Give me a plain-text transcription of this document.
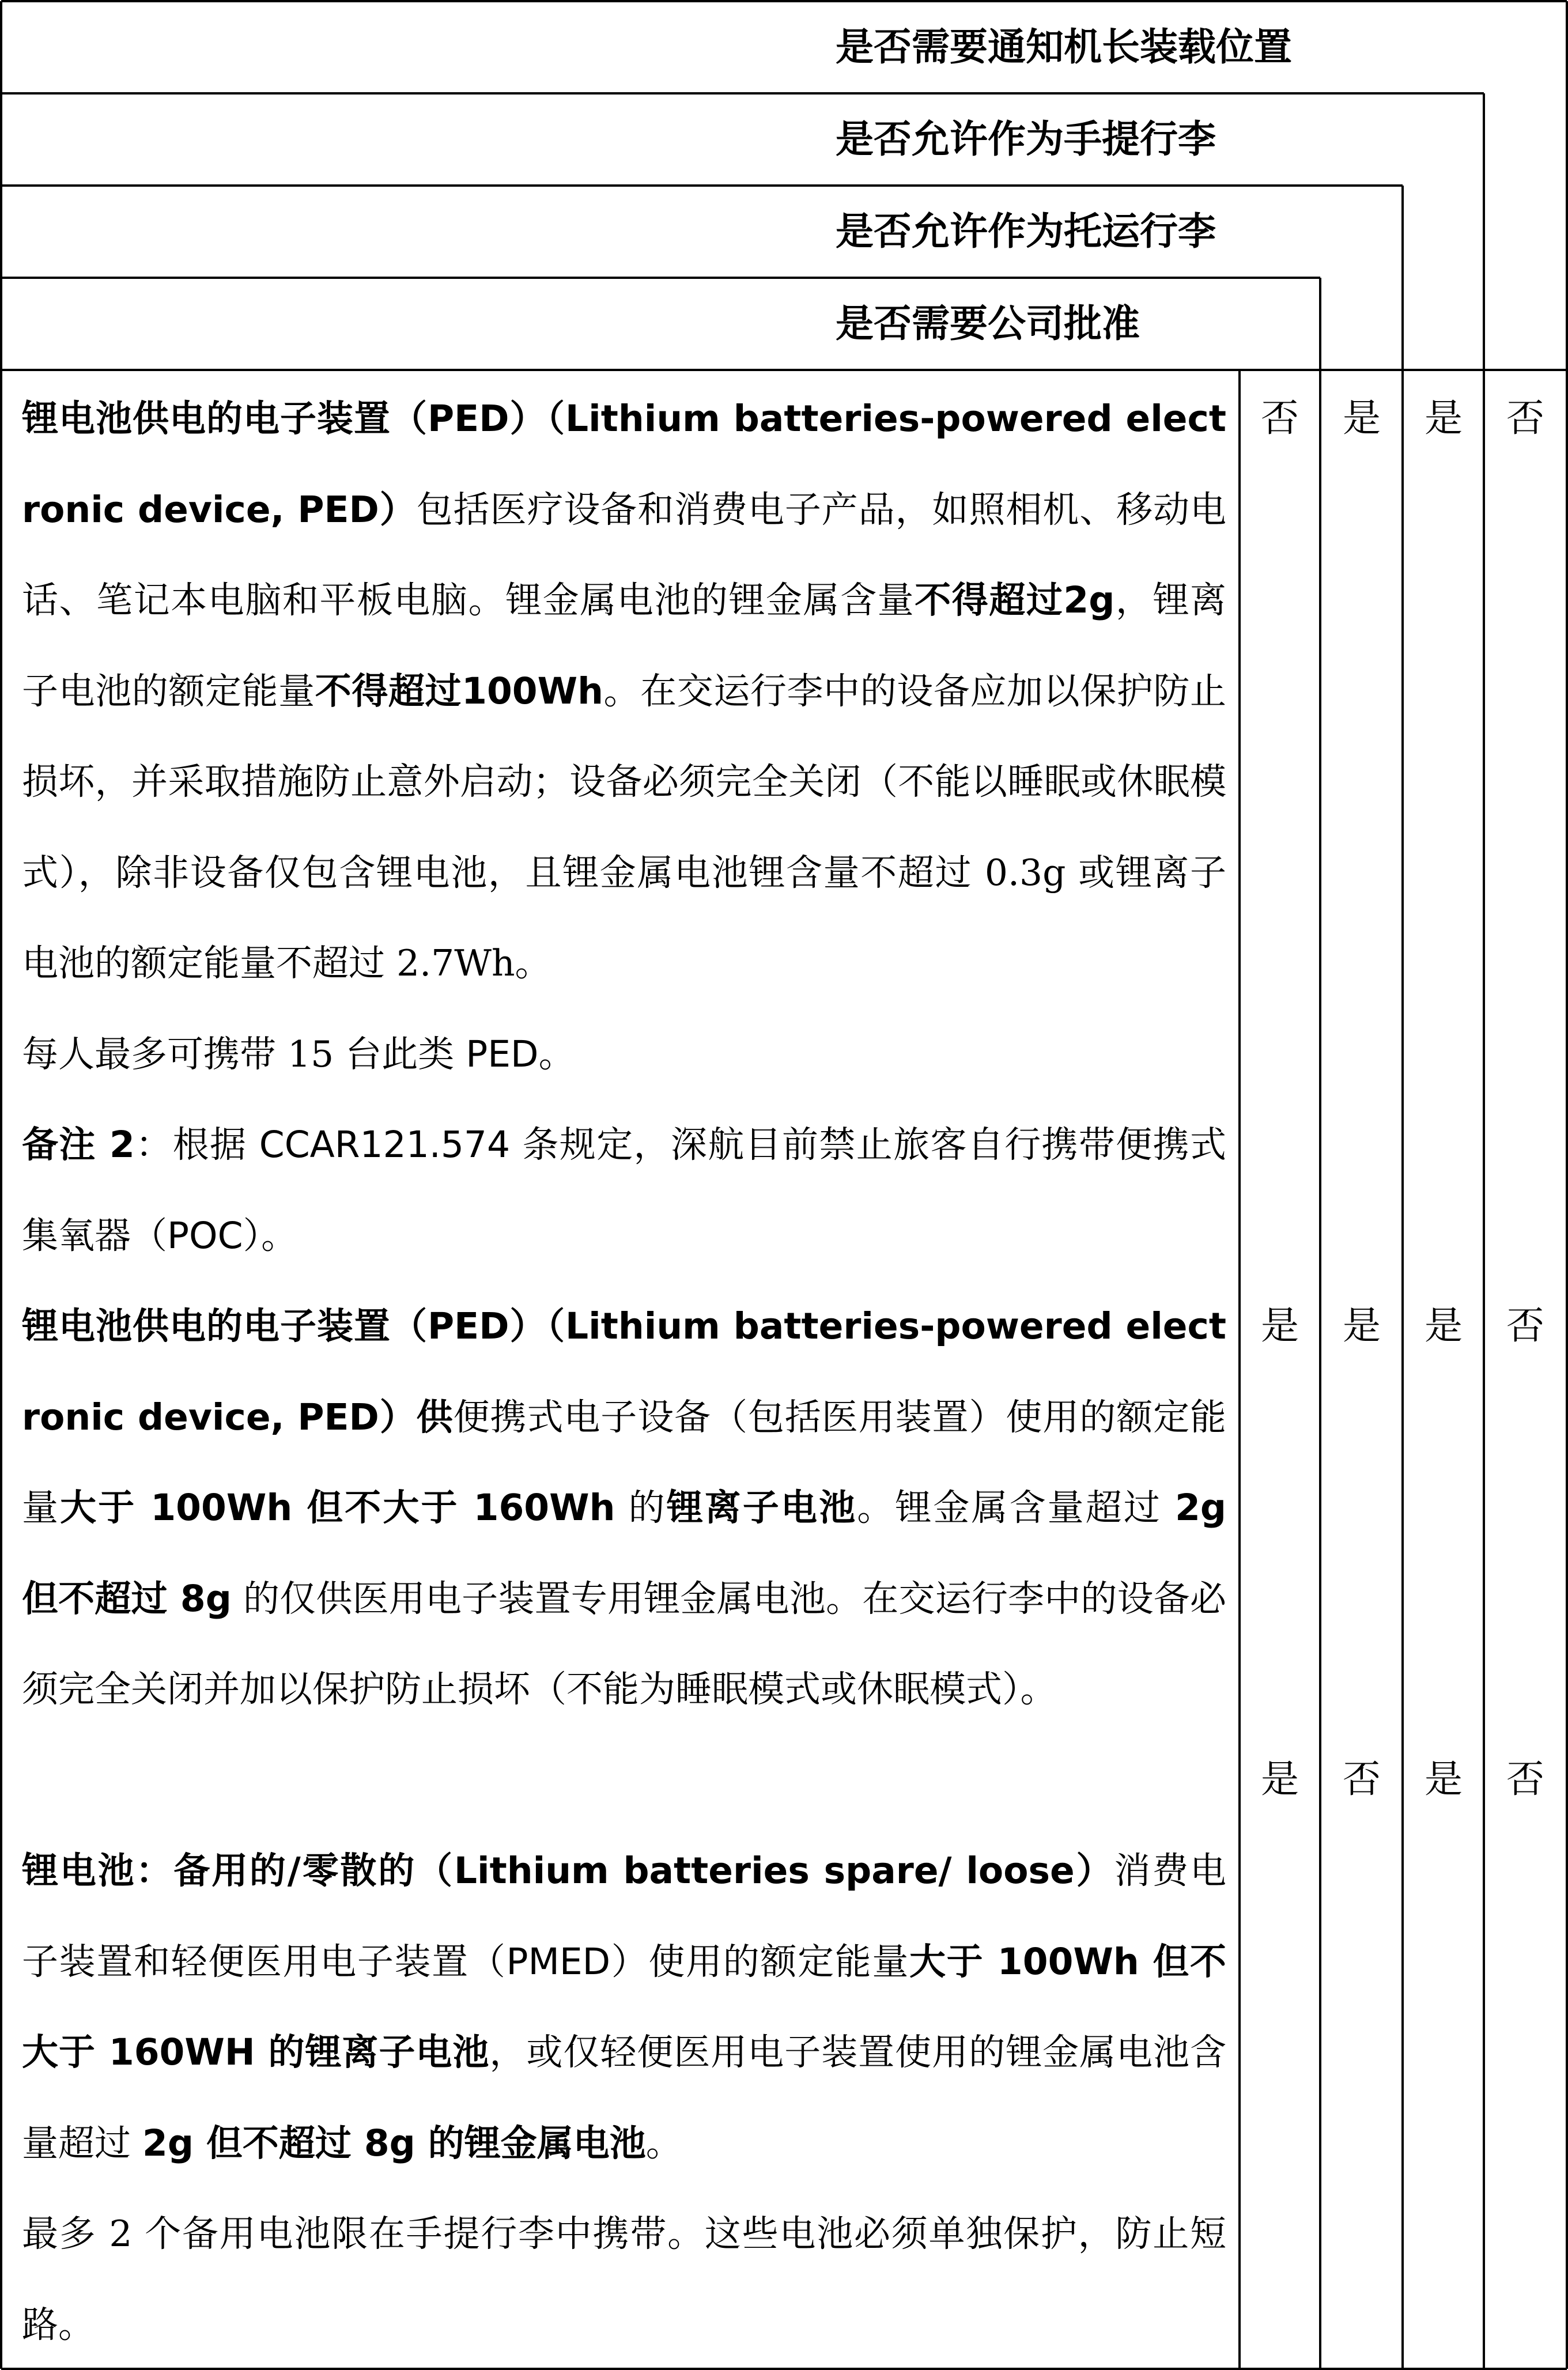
是否需要通知机长装载位置
是否允许作为手提行李
是否允许作为托运行李
是否需要公司批准

锂电池供电的电子装置（PED）（Lithium batteries-powered electronic device, PED）包括医疗设备和消费电子产品，如照相机、移动电话、笔记本电脑和平板电脑。锂金属电池的锂金属含量不得超过2g，锂离子电池的额定能量不得超过100Wh。在交运行李中的设备应加以保护防止损坏，并采取措施防止意外启动；设备必须完全关闭（不能以睡眠或休眠模式），除非设备仅包含锂电池，且锂金属电池锂含量不超过 0.3g 或锂离子电池的额定能量不超过 2.7Wh。

每人最多可携带 15 台此类 PED。

备注 2：根据 CCAR121.574 条规定，深航目前禁止旅客自行携带便携式集氧器（POC）。

锂电池供电的电子装置（PED）（Lithium batteries-powered electronic device, PED）供便携式电子设备（包括医用装置）使用的额定能量大于 100Wh 但不大于 160Wh 的锂离子电池。锂金属含量超过 2g 但不超过 8g 的仅供医用电子装置专用锂金属电池。在交运行李中的设备必须完全关闭并加以保护防止损坏（不能为睡眠模式或休眠模式）。

锂电池：备用的/零散的（Lithium batteries spare/ loose）消费电子装置和轻便医用电子装置（PMED）使用的额定能量大于 100Wh 但不大于 160WH 的锂离子电池，或仅轻便医用电子装置使用的锂金属电池含量超过 2g 但不超过 8g 的锂金属电池。

最多 2 个备用电池限在手提行李中携带。这些电池必须单独保护，防止短路。

否 是 是 否
是 是 是 否
是 否 是 否
